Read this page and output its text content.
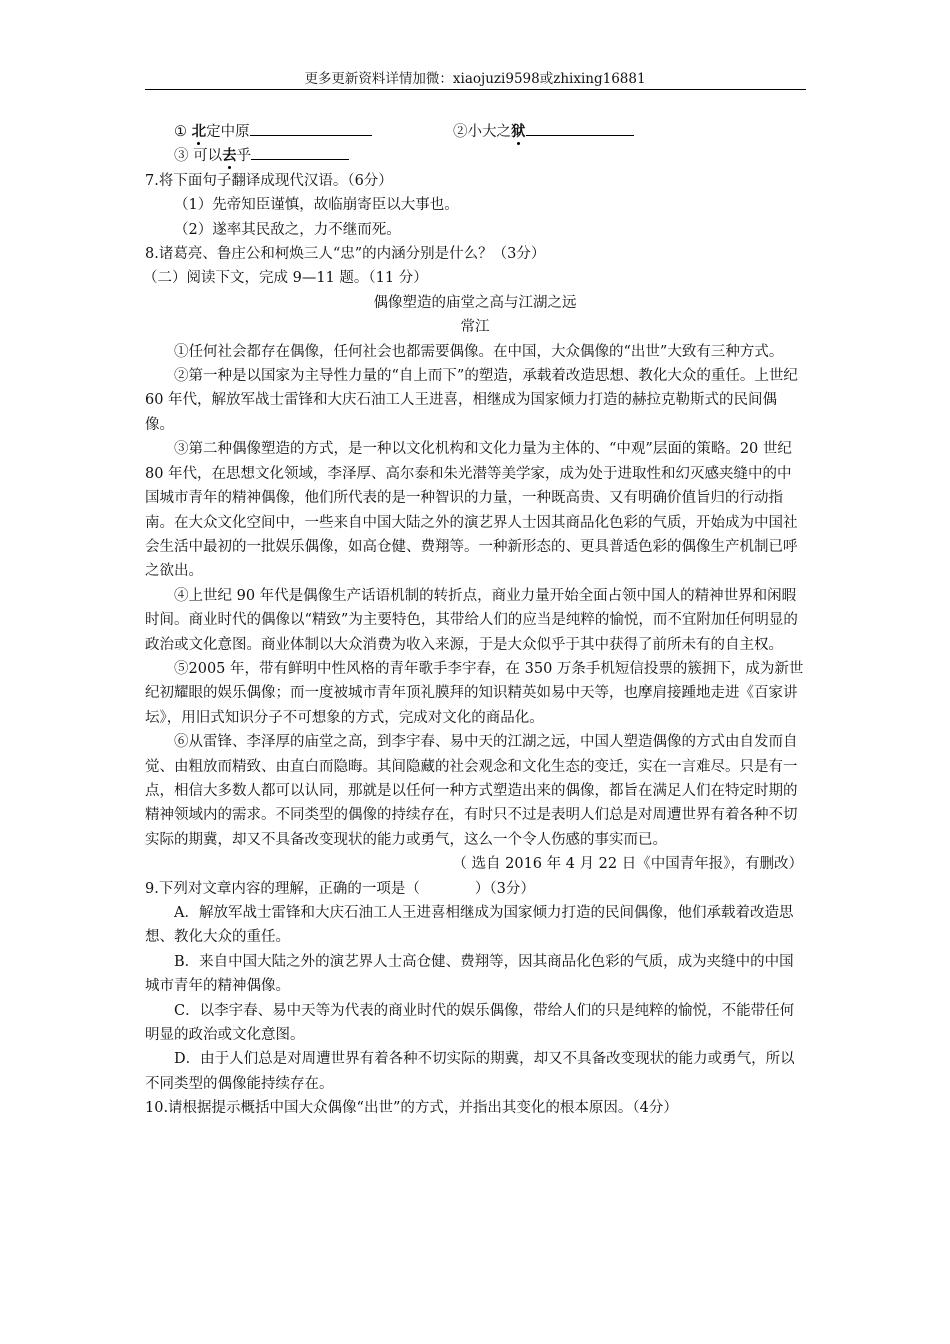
更多更新资料详情加微：xiaojuzi9598或zhixing16881
① 北定中原	②小大之狱
③ 可以去乎

7.将下面句子翻译成现代汉语。（6分）

（1）先帝知臣谨慎，故临崩寄臣以大事也。

（2）遂率其民敌之，力不继而死。

8.诸葛亮、鲁庄公和柯焕三人“忠”的内涵分别是什么？（3分）

（二）阅读下文，完成 9—11 题。（11 分）

偶像塑造的庙堂之高与江湖之远

常江

①任何社会都存在偶像，任何社会也都需要偶像。在中国，大众偶像的“出世”大致有三种方式。

②第一种是以国家为主导性力量的“自上而下”的塑造，承载着改造思想、教化大众的重任。上世纪 60 年代，解放军战士雷锋和大庆石油工人王进喜，相继成为国家倾力打造的赫拉克勒斯式的民间偶像。

③第二种偶像塑造的方式，是一种以文化机构和文化力量为主体的、“中观”层面的策略。20 世纪 80 年代，在思想文化领域，李泽厚、高尔泰和朱光潜等美学家，成为处于进取性和幻灭感夹缝中的中国城市青年的精神偶像，他们所代表的是一种智识的力量，一种既高贵、又有明确价值旨归的行动指南。在大众文化空间中，一些来自中国大陆之外的演艺界人士因其商品化色彩的气质，开始成为中国社会生活中最初的一批娱乐偶像，如高仓健、费翔等。一种新形态的、更具普适色彩的偶像生产机制已呼之欲出。

④上世纪 90 年代是偶像生产话语机制的转折点，商业力量开始全面占领中国人的精神世界和闲暇时间。商业时代的偶像以“精致”为主要特色，其带给人们的应当是纯粹的愉悦，而不宜附加任何明显的政治或文化意图。商业体制以大众消费为收入来源，于是大众似乎于其中获得了前所未有的自主权。

⑤2005 年，带有鲜明中性风格的青年歌手李宇春，在 350 万条手机短信投票的簇拥下，成为新世纪初耀眼的娱乐偶像；而一度被城市青年顶礼膜拜的知识精英如易中天等，也摩肩接踵地走进《百家讲坛》，用旧式知识分子不可想象的方式，完成对文化的商品化。

⑥从雷锋、李泽厚的庙堂之高，到李宇春、易中天的江湖之远，中国人塑造偶像的方式由自发而自觉、由粗放而精致、由直白而隐晦。其间隐藏的社会观念和文化生态的变迁，实在一言难尽。只是有一点，相信大多数人都可以认同，那就是以任何一种方式塑造出来的偶像，都旨在满足人们在特定时期的精神领域内的需求。不同类型的偶像的持续存在，有时只不过是表明人们总是对周遭世界有着各种不切实际的期冀，却又不具备改变现状的能力或勇气，这么一个令人伤感的事实而已。

（ 选自 2016 年 4 月 22 日《中国青年报》，有删改）

9.下列对文章内容的理解，正确的一项是（	）（3分）

A．解放军战士雷锋和大庆石油工人王进喜相继成为国家倾力打造的民间偶像，他们承载着改造思想、教化大众的重任。

B．来自中国大陆之外的演艺界人士高仓健、费翔等，因其商品化色彩的气质，成为夹缝中的中国城市青年的精神偶像。

C．以李宇春、易中天等为代表的商业时代的娱乐偶像，带给人们的只是纯粹的愉悦，不能带任何明显的政治或文化意图。

D．由于人们总是对周遭世界有着各种不切实际的期冀，却又不具备改变现状的能力或勇气，所以不同类型的偶像能持续存在。

10.请根据提示概括中国大众偶像“出世”的方式，并指出其变化的根本原因。（4分）
